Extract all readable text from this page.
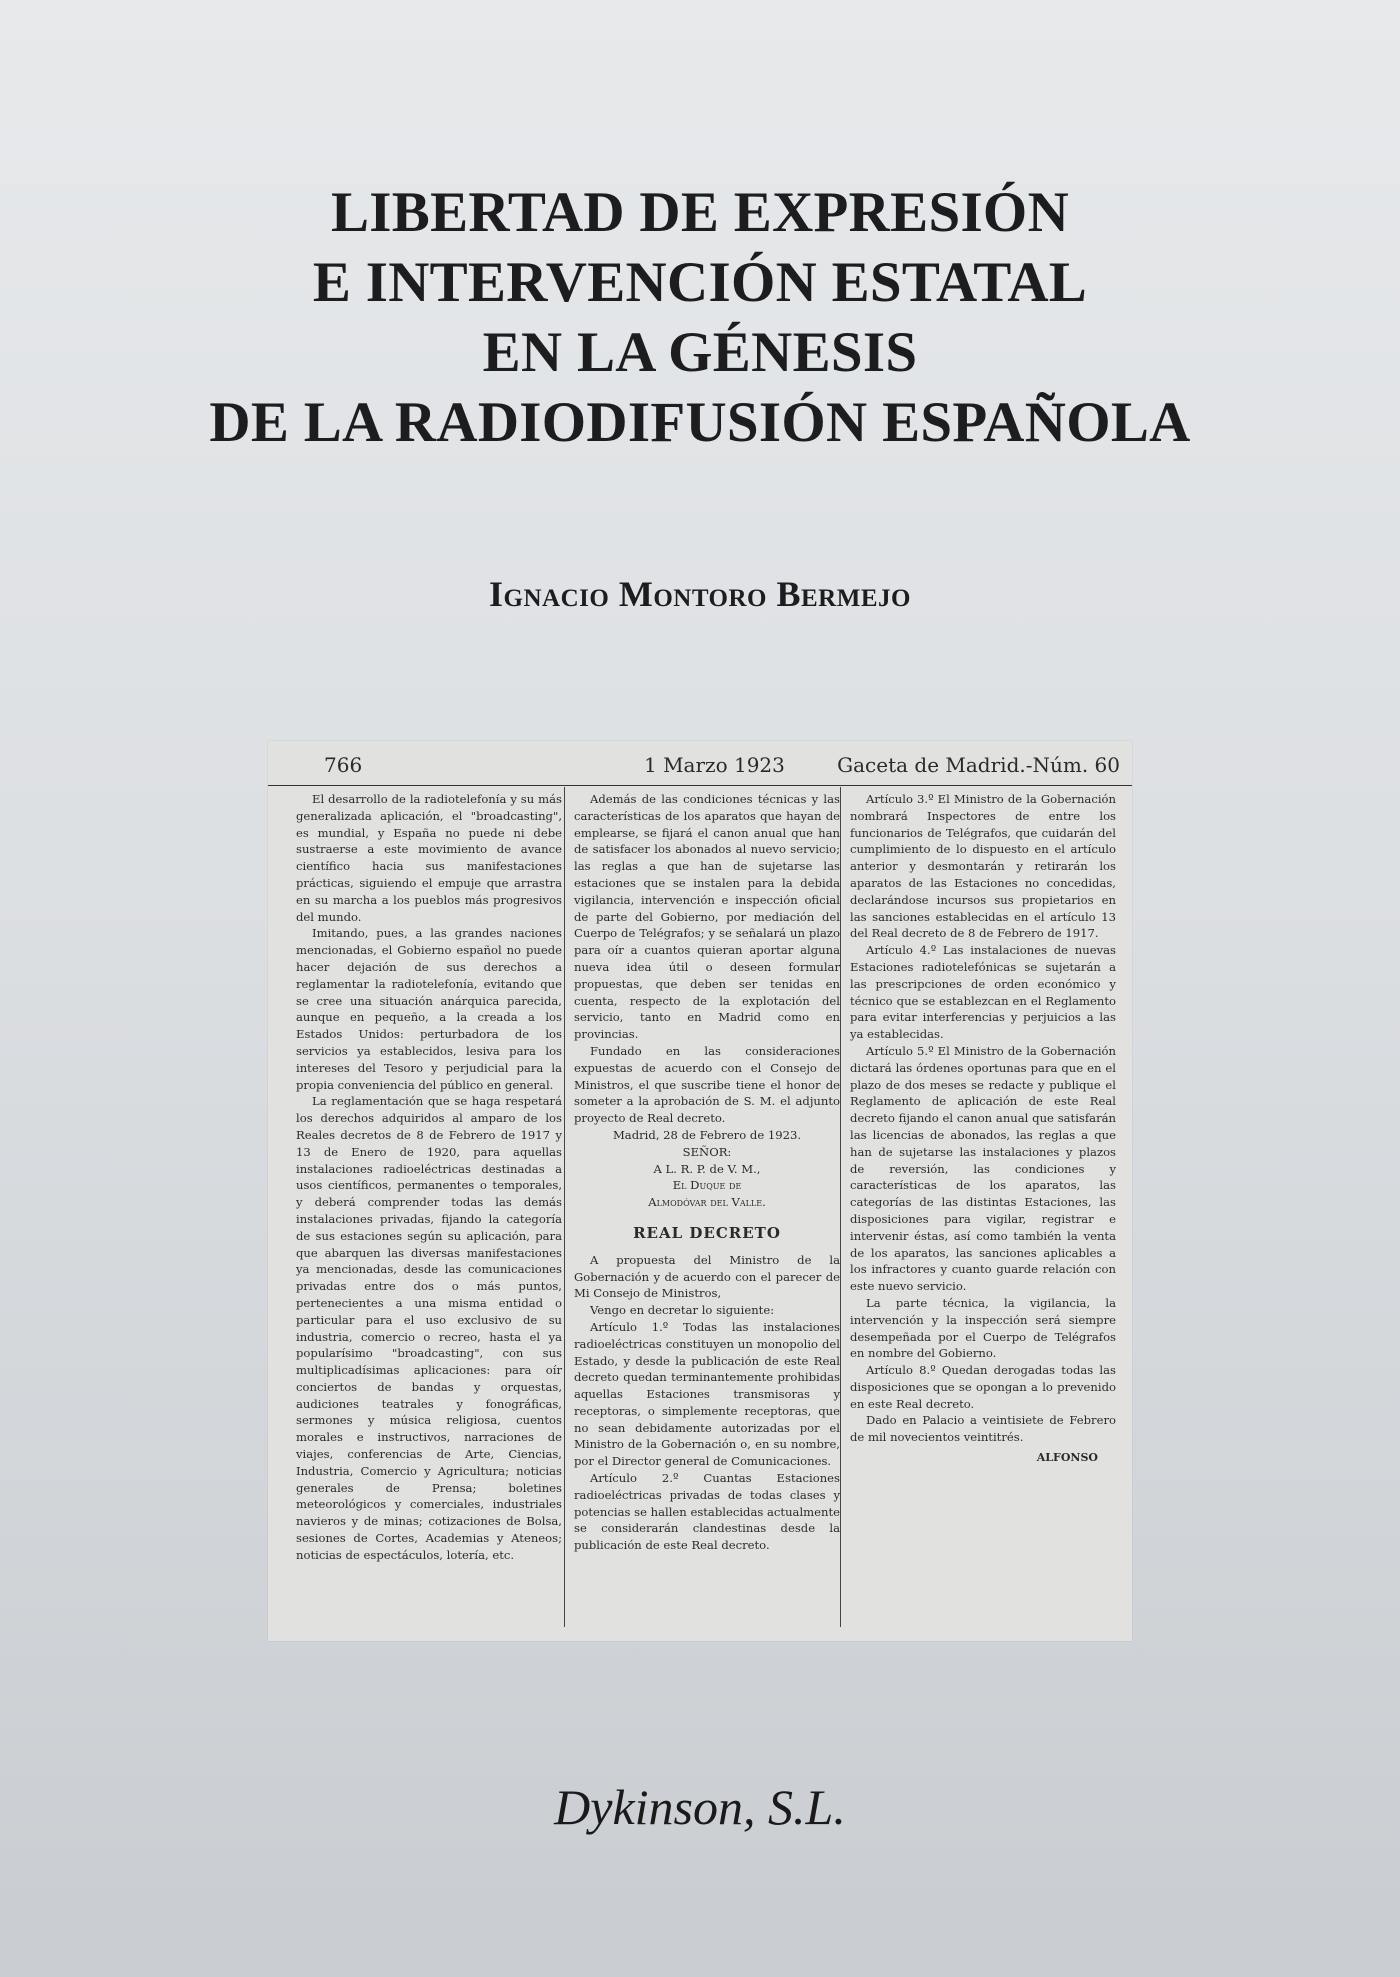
LIBERTAD DE EXPRESIÓN
E INTERVENCIÓN ESTATAL
EN LA GÉNESIS
DE LA RADIODIFUSIÓN ESPAÑOLA
Ignacio Montoro Bermejo
766	1 Marzo 1923	Gaceta de Madrid.-Núm. 60

El desarrollo de la radiotelefonía y su más generalizada aplicación, el "broadcasting", es mundial, y España no puede ni debe sustraerse a este movimiento de avance científico hacia sus manifestaciones prácticas, siguiendo el empuje que arrastra en su marcha a los pueblos más progresivos del mundo.

Imitando, pues, a las grandes naciones mencionadas, el Gobierno español no puede hacer dejación de sus derechos a reglamentar la radiotelefonía, evitando que se cree una situación anárquica parecida, aunque en pequeño, a la creada a los Estados Unidos: perturbadora de los servicios ya establecidos, lesiva para los intereses del Tesoro y perjudicial para la propia conveniencia del público en general.

La reglamentación que se haga respetará los derechos adquiridos al amparo de los Reales decretos de 8 de Febrero de 1917 y 13 de Enero de 1920, para aquellas instalaciones radioeléctricas destinadas a usos científicos, permanentes o temporales, y deberá comprender todas las demás instalaciones privadas, fijando la categoría de sus estaciones según su aplicación, para que abarquen las diversas manifestaciones ya mencionadas, desde las comunicaciones privadas entre dos o más puntos, pertenecientes a una misma entidad o particular para el uso exclusivo de su industria, comercio o recreo, hasta el ya popularísimo "broadcasting", con sus multiplicadísimas aplicaciones: para oír conciertos de bandas y orquestas, audiciones teatrales y fonográficas, sermones y música religiosa, cuentos morales e instructivos, narraciones de viajes, conferencias de Arte, Ciencias, Industria, Comercio y Agricultura; noticias generales de Prensa; boletines meteorológicos y comerciales, industriales navieros y de minas; cotizaciones de Bolsa, sesiones de Cortes, Academias y Ateneos; noticias de espectáculos, lotería, etc.

Además de las condiciones técnicas y las características de los aparatos que hayan de emplearse, se fijará el canon anual que han de satisfacer los abonados al nuevo servicio; las reglas a que han de sujetarse las estaciones que se instalen para la debida vigilancia, intervención e inspección oficial de parte del Gobierno, por mediación del Cuerpo de Telégrafos; y se señalará un plazo para oír a cuantos quieran aportar alguna nueva idea útil o deseen formular propuestas, que deben ser tenidas en cuenta, respecto de la explotación del servicio, tanto en Madrid como en provincias.

Fundado en las consideraciones expuestas de acuerdo con el Consejo de Ministros, el que suscribe tiene el honor de someter a la aprobación de S. M. el adjunto proyecto de Real decreto.

Madrid, 28 de Febrero de 1923.

SEÑOR:

A L. R. P. de V. M.,

El Duque de

Almodóvar del Valle.

REAL DECRETO

A propuesta del Ministro de la Gobernación y de acuerdo con el parecer de Mi Consejo de Ministros,

Vengo en decretar lo siguiente:

Artículo 1.º Todas las instalaciones radioeléctricas constituyen un monopolio del Estado, y desde la publicación de este Real decreto quedan terminantemente prohibidas aquellas Estaciones transmisoras y receptoras, o simplemente receptoras, que no sean debidamente autorizadas por el Ministro de la Gobernación o, en su nombre, por el Director general de Comunicaciones.

Artículo 2.º Cuantas Estaciones radioeléctricas privadas de todas clases y potencias se hallen establecidas actualmente se considerarán clandestinas desde la publicación de este Real decreto.

Artículo 3.º El Ministro de la Gobernación nombrará Inspectores de entre los funcionarios de Telégrafos, que cuidarán del cumplimiento de lo dispuesto en el artículo anterior y desmontarán y retirarán los aparatos de las Estaciones no concedidas, declarándose incursos sus propietarios en las sanciones establecidas en el artículo 13 del Real decreto de 8 de Febrero de 1917.

Artículo 4.º Las instalaciones de nuevas Estaciones radiotelefónicas se sujetarán a las prescripciones de orden económico y técnico que se establezcan en el Reglamento para evitar interferencias y perjuicios a las ya establecidas.

Artículo 5.º El Ministro de la Gobernación dictará las órdenes oportunas para que en el plazo de dos meses se redacte y publique el Reglamento de aplicación de este Real decreto fijando el canon anual que satisfarán las licencias de abonados, las reglas a que han de sujetarse las instalaciones y plazos de reversión, las condiciones y características de los aparatos, las categorías de las distintas Estaciones, las disposiciones para vigilar, registrar e intervenir éstas, así como también la venta de los aparatos, las sanciones aplicables a los infractores y cuanto guarde relación con este nuevo servicio.

La parte técnica, la vigilancia, la intervención y la inspección será siempre desempeñada por el Cuerpo de Telégrafos en nombre del Gobierno.

Artículo 8.º Quedan derogadas todas las disposiciones que se opongan a lo prevenido en este Real decreto.

Dado en Palacio a veintisiete de Febrero de mil novecientos veintitrés.

ALFONSO

Dykinson, S.L.
